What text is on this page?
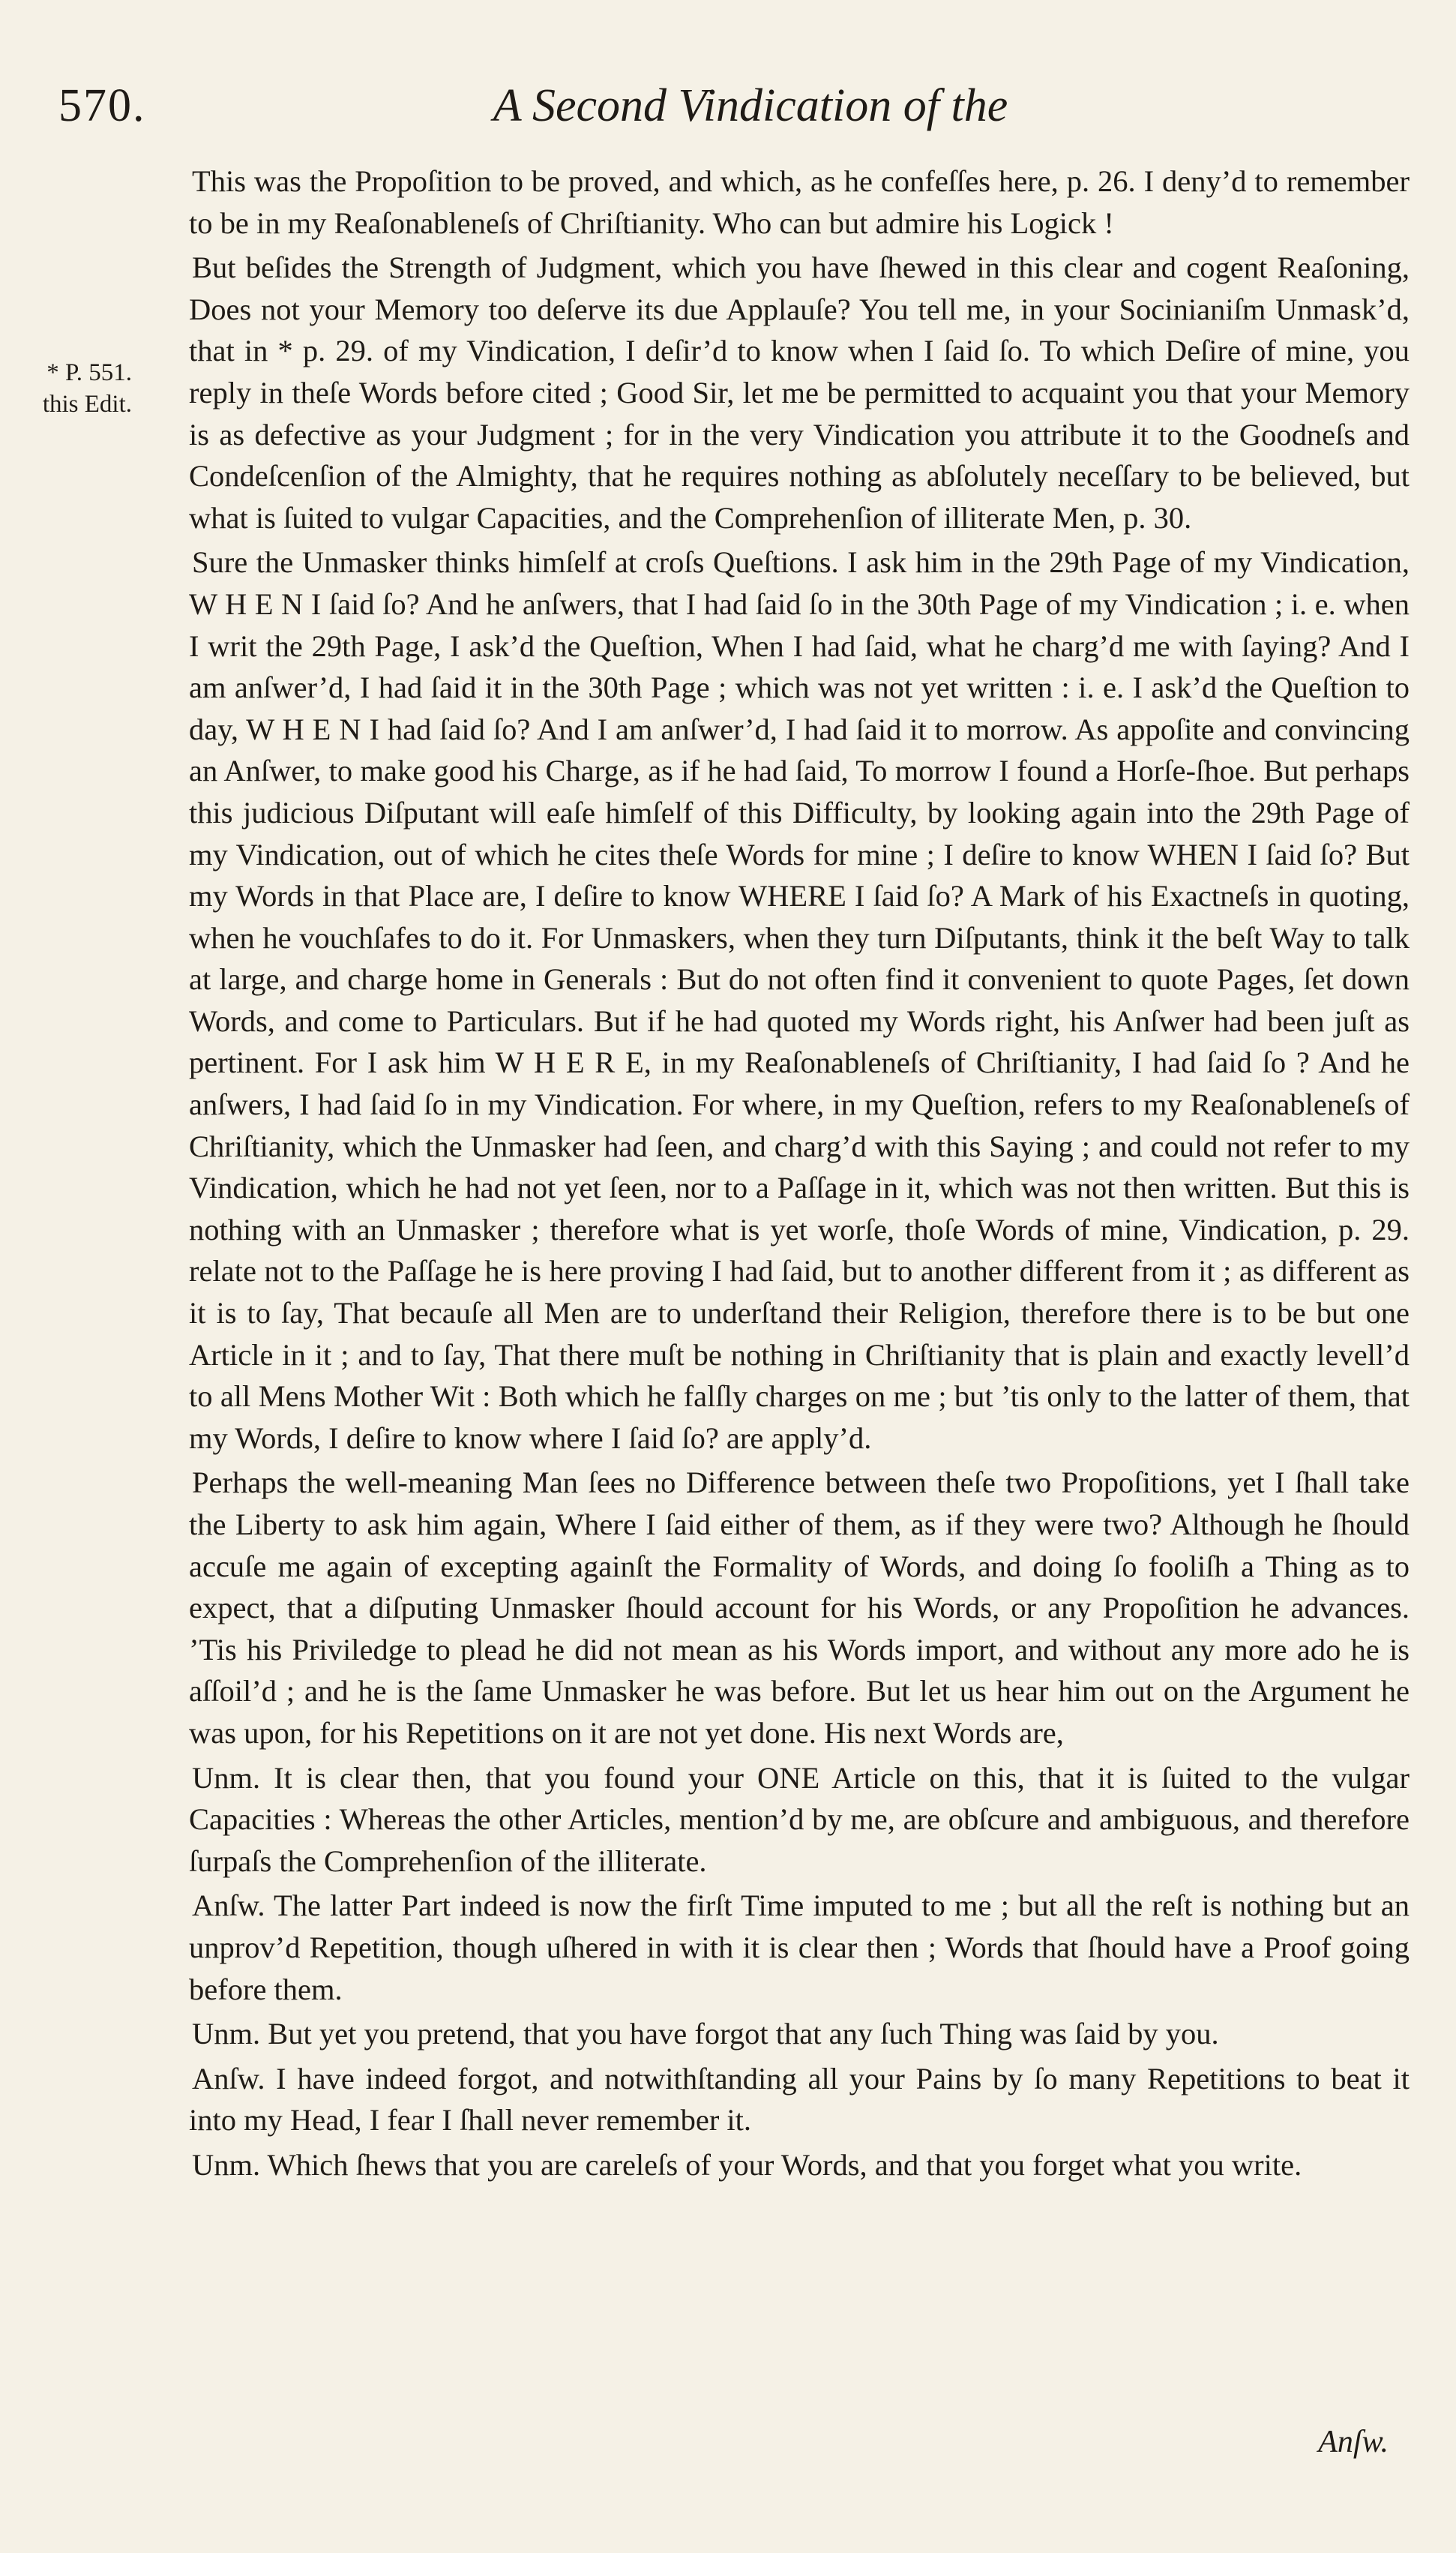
570.	A Second Vindication of the
* P. 551.
this Edit.

This was the Propoſition to be proved, and which, as he confeſſes here, p. 26. I deny’d to remember to be in my Reaſonableneſs of Chriſtianity. Who can but admire his Logick !

But beſides the Strength of Judgment, which you have ſhewed in this clear and cogent Reaſoning, Does not your Memory too deſerve its due Applauſe? You tell me, in your Socinianiſm Unmask’d, that in * p. 29. of my Vindication, I deſir’d to know when I ſaid ſo. To which Deſire of mine, you reply in theſe Words before cited ; Good Sir, let me be permitted to acquaint you that your Memory is as defective as your Judgment ; for in the very Vindication you attribute it to the Goodneſs and Condeſcenſion of the Almighty, that he requires nothing as abſolutely neceſſary to be believed, but what is ſuited to vulgar Capacities, and the Comprehenſion of illiterate Men, p. 30.

Sure the Unmasker thinks himſelf at croſs Queſtions. I ask him in the 29th Page of my Vindication, W H E N I ſaid ſo? And he anſwers, that I had ſaid ſo in the 30th Page of my Vindication ; i. e. when I writ the 29th Page, I ask’d the Queſtion, When I had ſaid, what he charg’d me with ſaying? And I am anſwer’d, I had ſaid it in the 30th Page ; which was not yet written : i. e. I ask’d the Queſtion to day, W H E N I had ſaid ſo? And I am anſwer’d, I had ſaid it to morrow. As appoſite and convincing an Anſwer, to make good his Charge, as if he had ſaid, To morrow I found a Horſe-ſhoe. But perhaps this judicious Diſputant will eaſe himſelf of this Difficulty, by looking again into the 29th Page of my Vindication, out of which he cites theſe Words for mine ; I deſire to know WHEN I ſaid ſo? But my Words in that Place are, I deſire to know WHERE I ſaid ſo? A Mark of his Exactneſs in quoting, when he vouchſafes to do it. For Unmaskers, when they turn Diſputants, think it the beſt Way to talk at large, and charge home in Generals : But do not often find it convenient to quote Pages, ſet down Words, and come to Particulars. But if he had quoted my Words right, his Anſwer had been juſt as pertinent. For I ask him W H E R E, in my Reaſonableneſs of Chriſtianity, I had ſaid ſo ? And he anſwers, I had ſaid ſo in my Vindication. For where, in my Queſtion, refers to my Reaſonableneſs of Chriſtianity, which the Unmasker had ſeen, and charg’d with this Saying ; and could not refer to my Vindication, which he had not yet ſeen, nor to a Paſſage in it, which was not then written. But this is nothing with an Unmasker ; therefore what is yet worſe, thoſe Words of mine, Vindication, p. 29. relate not to the Paſſage he is here proving I had ſaid, but to another different from it ; as different as it is to ſay, That becauſe all Men are to underſtand their Religion, therefore there is to be but one Article in it ; and to ſay, That there muſt be nothing in Chriſtianity that is plain and exactly levell’d to all Mens Mother Wit : Both which he falſly charges on me ; but ’tis only to the latter of them, that my Words, I deſire to know where I ſaid ſo? are apply’d.

Perhaps the well-meaning Man ſees no Difference between theſe two Propoſitions, yet I ſhall take the Liberty to ask him again, Where I ſaid either of them, as if they were two? Although he ſhould accuſe me again of excepting againſt the Formality of Words, and doing ſo fooliſh a Thing as to expect, that a diſputing Unmasker ſhould account for his Words, or any Propoſition he advances. ’Tis his Priviledge to plead he did not mean as his Words import, and without any more ado he is aſſoil’d ; and he is the ſame Unmasker he was before. But let us hear him out on the Argument he was upon, for his Repetitions on it are not yet done. His next Words are,

Unm. It is clear then, that you found your ONE Article on this, that it is ſuited to the vulgar Capacities : Whereas the other Articles, mention’d by me, are obſcure and ambiguous, and therefore ſurpaſs the Comprehenſion of the illiterate.

Anſw. The latter Part indeed is now the firſt Time imputed to me ; but all the reſt is nothing but an unprov’d Repetition, though uſhered in with it is clear then ; Words that ſhould have a Proof going before them.

Unm. But yet you pretend, that you have forgot that any ſuch Thing was ſaid by you.

Anſw. I have indeed forgot, and notwithſtanding all your Pains by ſo many Repetitions to beat it into my Head, I fear I ſhall never remember it.

Unm. Which ſhews that you are careleſs of your Words, and that you forget what you write.

Anſw.
